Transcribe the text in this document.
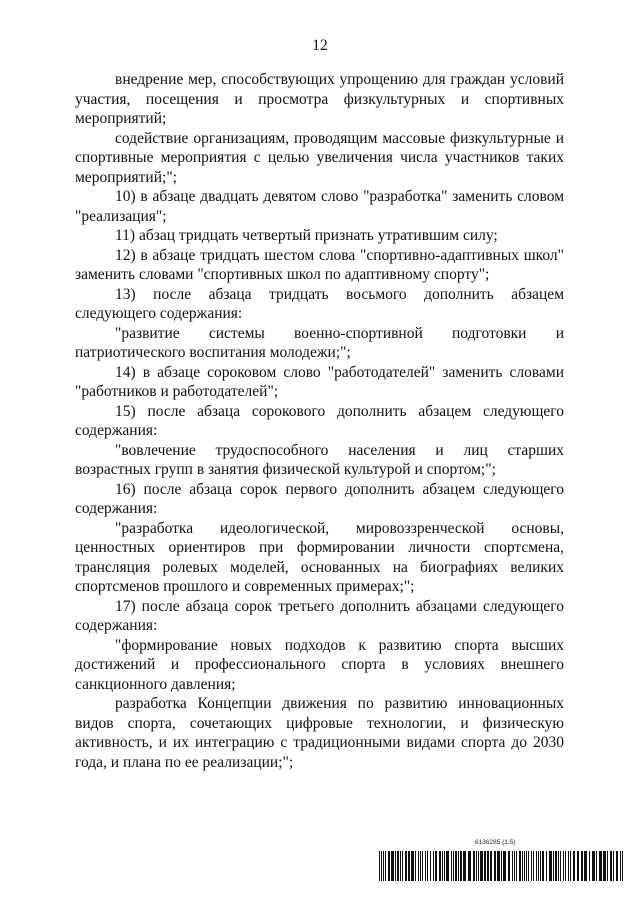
12

внедрение мер, способствующих упрощению для граждан условий участия, посещения и просмотра физкультурных и спортивных мероприятий;

содействие организациям, проводящим массовые физкультурные и спортивные мероприятия с целью увеличения числа участников таких мероприятий;";

10) в абзаце двадцать девятом слово "разработка" заменить словом "реализация";

11) абзац тридцать четвертый признать утратившим силу;

12) в абзаце тридцать шестом слова "спортивно-адаптивных школ" заменить словами "спортивных школ по адаптивному спорту";

13) после абзаца тридцать восьмого дополнить абзацем следующего содержания:

"развитие системы военно-спортивной подготовки и патриотического воспитания молодежи;";

14) в абзаце сороковом слово "работодателей" заменить словами "работников и работодателей";

15) после абзаца сорокового дополнить абзацем следующего содержания:

"вовлечение трудоспособного населения и лиц старших возрастных групп в занятия физической культурой и спортом;";

16) после абзаца сорок первого дополнить абзацем следующего содержания:

"разработка идеологической, мировоззренческой основы, ценностных ориентиров при формировании личности спортсмена, трансляция ролевых моделей, основанных на биографиях великих спортсменов прошлого и современных примерах;";

17) после абзаца сорок третьего дополнить абзацами следующего содержания:

"формирование новых подходов к развитию спорта высших достижений и профессионального спорта в условиях внешнего санкционного давления;

разработка Концепции движения по развитию инновационных видов спорта, сочетающих цифровые технологии, и физическую активность, и их интеграцию с традиционными видами спорта до 2030 года, и плана по ее реализации;";

6136285 (1.5)
